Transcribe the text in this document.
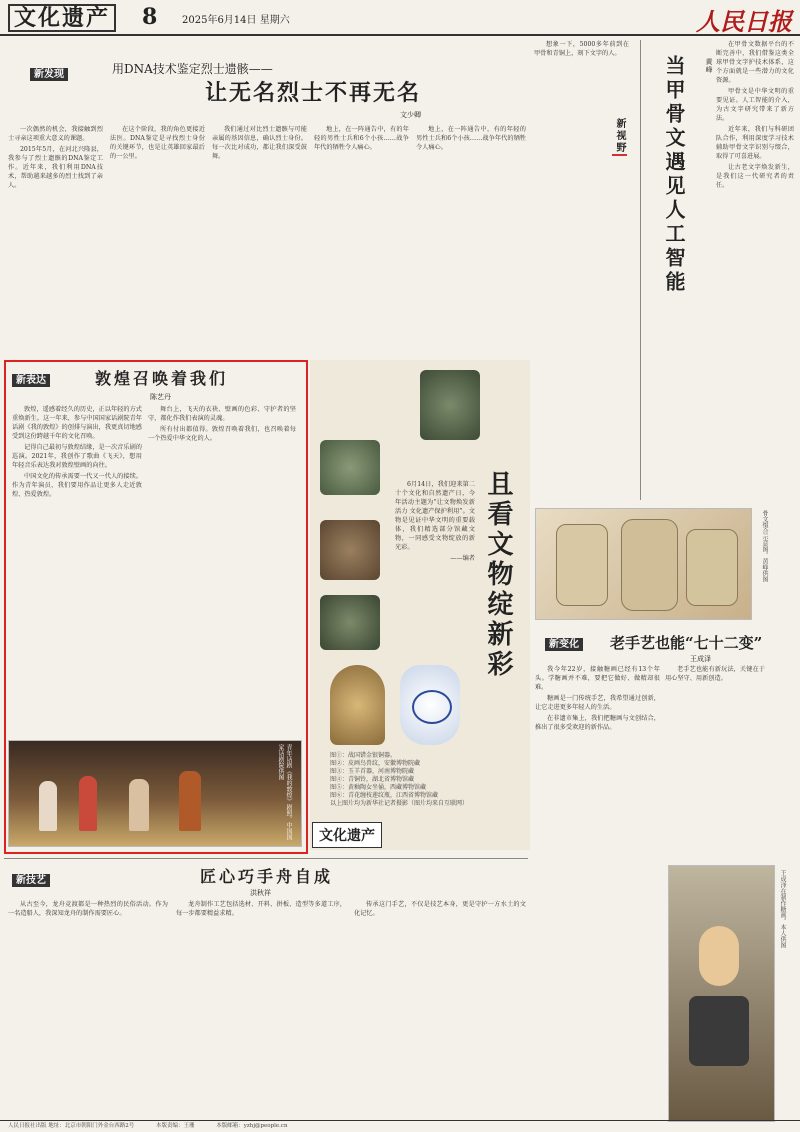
文化遗产 8 2025年6月14日 星期六	人民日报
新发现	用DNA技术鉴定烈士遗骸——
让无名烈士不再无名
文少卿

一次偶然的机会，我接触到烈士寻亲这项重大意义的课题。

2015年5月，在河北兴隆县，我参与了烈士遗骸的DNA鉴定工作。近年来，我们利用DNA技术，帮助越来越多的烈士找到了亲人。

在这个阶段，我的角色更接近法医。DNA鉴定是寻找烈士身份的关键环节，也是让英雄回家最后的一公里。

我们通过对比烈士遗骸与可能亲属的基因信息，确认烈士身份。每一次比对成功，都让我们深受鼓舞。

地上，在一阵通告中，有的年轻的男性士兵和6个小孩……战争年代的牺牲令人痛心。

地上，在一阵通告中，有的年轻的男性士兵和6个小孩……战争年代的牺牲令人痛心。

想象一下，5000多年前到在甲骨和青铜上，刻下文字的人。

新表达	敦煌召唤着我们
陈艺丹

敦煌，遥感着经久的历史，正以年轻的方式重焕新生。这一年来，参与中国国家话剧院青年话剧《我的敦煌》的创排与演出，我更真切地感受到这份跨越千年的文化召唤。

记得自己最初与敦煌结缘，是一次音乐剧的巡演。2021年，我创作了歌曲《飞天》，想用年轻音乐表达我对敦煌壁画的向往。

中国文化的传承需要一代又一代人的接续。作为青年演员，我们要用作品让更多人走近敦煌、热爱敦煌。

舞台上，飞天的衣袂、壁画的色彩、守护者的坚守，都化作我们表演的灵魂。

所有付出都值得。敦煌召唤着我们，也召唤着每一个热爱中华文化的人。

青年话剧《我的敦煌》剧照。中国国家话剧院供图
且看文物绽新彩

6月14日，我们迎来第二十个文化和自然遗产日，今年活动主题为“让文物焕发新活力 文化遗产保护利用”。文物是见证中华文明的重要载体，我们精选部分馆藏文物，一同感受文物绽放的新光彩。

——编者

图①：战国错金银铜器。
图②：皮画鸟兽纹，安徽博物院藏
图③：玉羊首器，河南博物院藏
图④：青铜铃，湖北省博物馆藏
图⑤：黄釉陶女坐俑，西藏博物馆藏
图⑥：青花缠枝莲纹瓶，江西省博物馆藏
以上图片均为新华社记者摄影（图片均来自互联网）
文化遗产
当甲骨文遇见人工智能	黄峰
新视野

在甲骨文数据平台的不断完善中，我们借鉴这类全球甲骨文字护技术体系，这个方面就是一些潜力的文化资源。

甲骨文是中华文明的重要见证。人工智能的介入，为古文字研究带来了新方法。

近年来，我们与科研团队合作，利用深度学习技术辅助甲骨文字识别与缀合，取得了可喜进展。

让古老文字焕发新生，是我们这一代研究者的责任。

骨文缀合示意图。黄峰供图
新变化 老手艺也能“七十二变”
王成泽

我今年22岁，接触糖画已经有13个年头。学糖画并不难，要把它做好、做精却很难。

糖画是一门传统手艺，我希望通过创新，让它走进更多年轻人的生活。

在非遗市集上，我们把糖画与文创结合，推出了很多受欢迎的新作品。

老手艺也能有新玩法，关键在于用心坚守、用新创造。

王成泽在制作糖画。本人供图
新技艺	匠心巧手舟自成
洪秋祥

从古至今，龙舟竞渡都是一种热烈的民俗活动。作为一名造船人，我深知龙舟的制作需要匠心。

龙舟制作工艺包括选材、开料、拼板、造型等多道工序，每一步都要精益求精。

传承这门手艺，不仅是技艺本身，更是守护一方水土的文化记忆。

人民日报社出版 地址：北京市朝阳门外金台西路2号	本版责编：王珊	本版邮箱：yzhj@people.cn
